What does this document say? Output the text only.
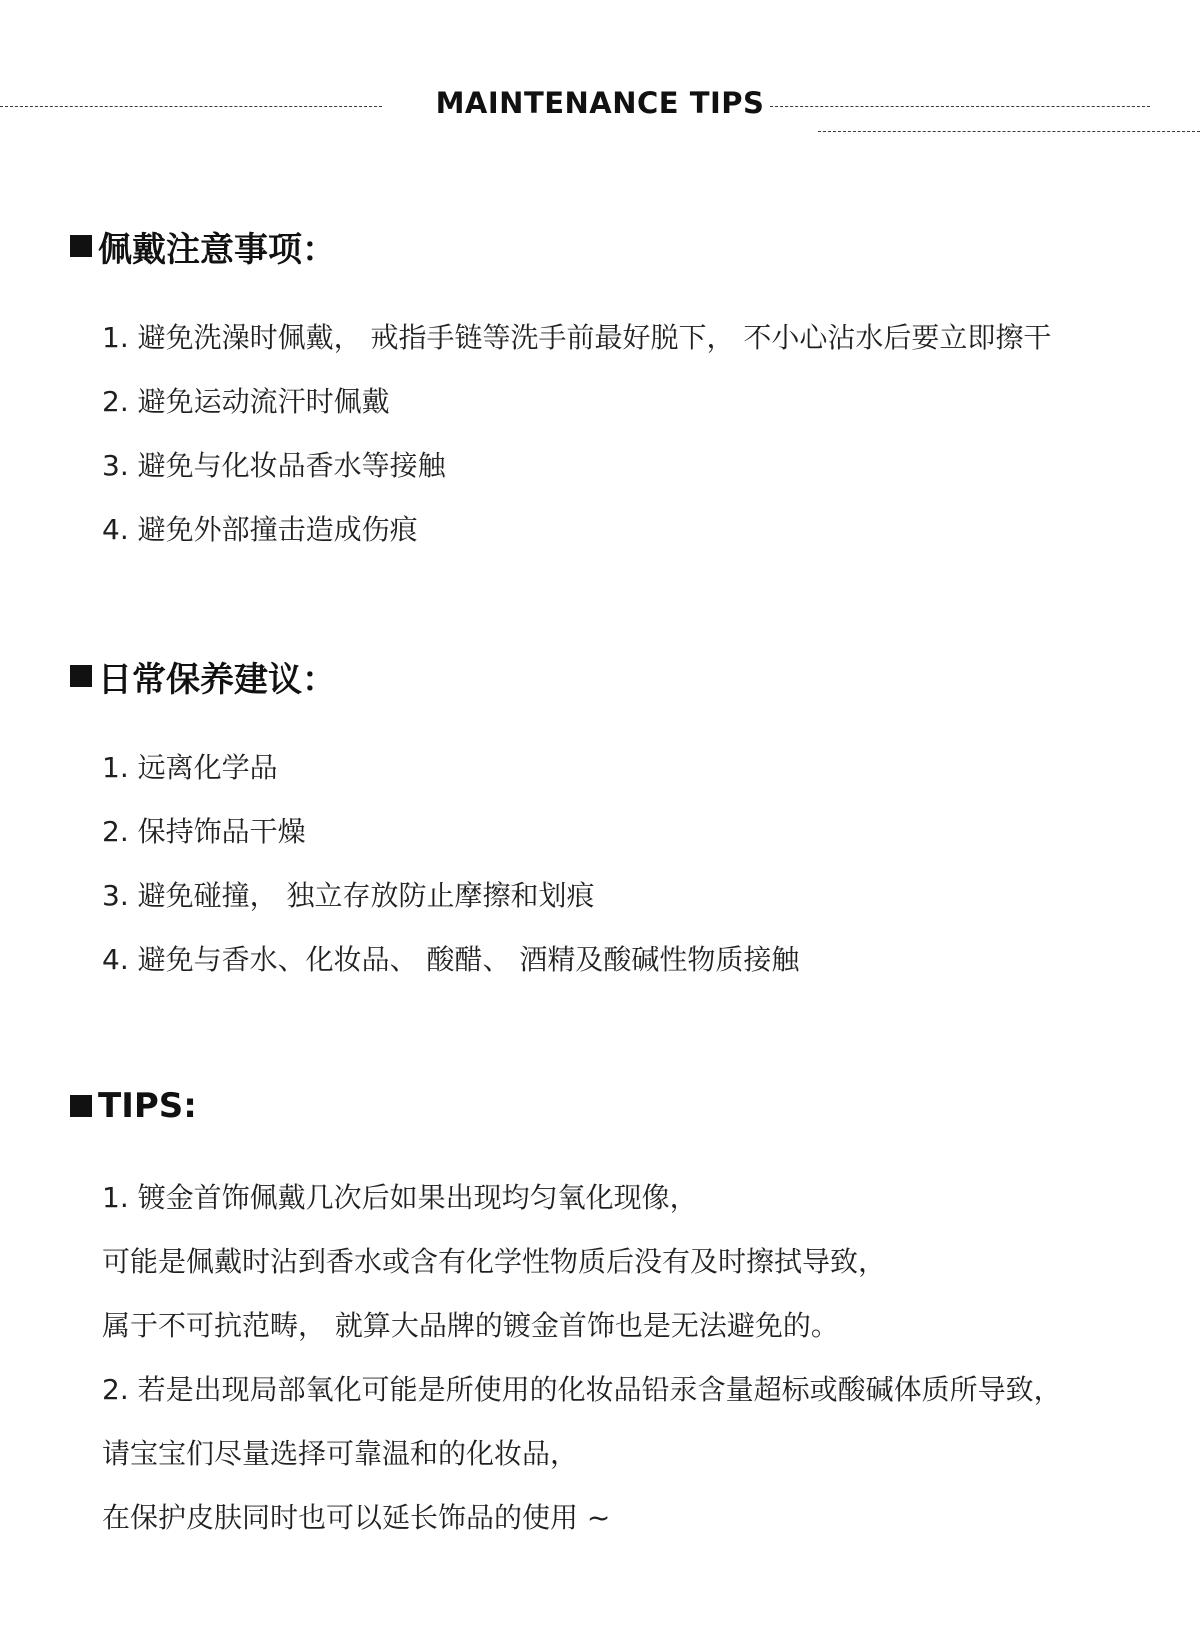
MAINTENANCE TIPS
佩戴注意事项：
1. 避免洗澡时佩戴， 戒指手链等洗手前最好脱下， 不小心沾水后要立即擦干
2. 避免运动流汗时佩戴
3. 避免与化妆品香水等接触
4. 避免外部撞击造成伤痕
日常保养建议：
1. 远离化学品
2. 保持饰品干燥
3. 避免碰撞， 独立存放防止摩擦和划痕
4. 避免与香水、化妆品、 酸醋、 酒精及酸碱性物质接触
TIPS:
1. 镀金首饰佩戴几次后如果出现均匀氧化现像，
可能是佩戴时沾到香水或含有化学性物质后没有及时擦拭导致，
属于不可抗范畴， 就算大品牌的镀金首饰也是无法避免的。
2. 若是出现局部氧化可能是所使用的化妆品铅汞含量超标或酸碱体质所导致，
请宝宝们尽量选择可靠温和的化妆品，
在保护皮肤同时也可以延长饰品的使用 ~
